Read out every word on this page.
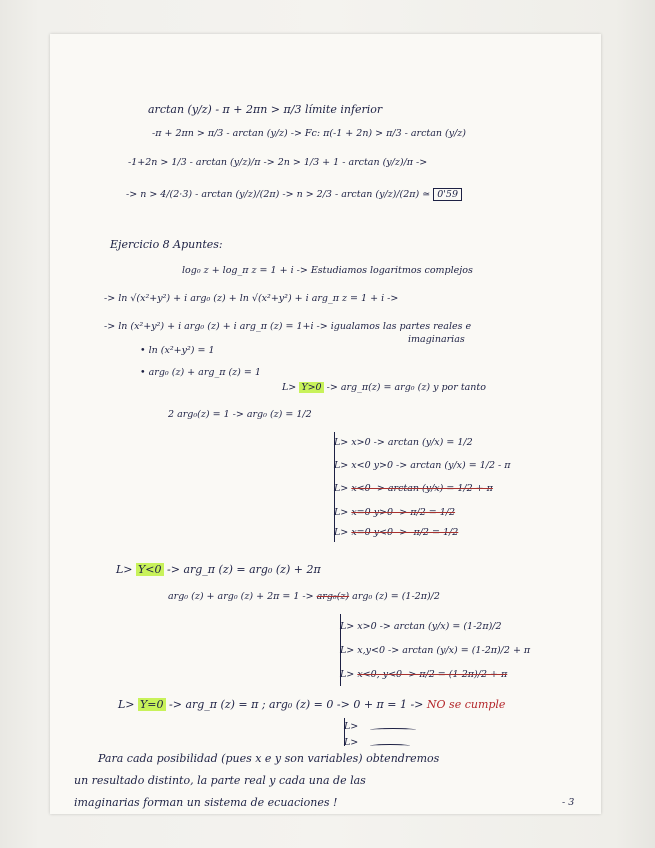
arctan (y/z) - π + 2πn > π/3 límite inferior
-π + 2πn > π/3 - arctan (y/z) -> Fc: π(-1 + 2n) > π/3 - arctan (y/z)
-1+2n > 1/3 - arctan (y/z)/π -> 2n > 1/3 + 1 - arctan (y/z)/π ->
-> n > 4/(2·3) - arctan (y/z)/(2π) -> n > 2/3 - arctan (y/z)/(2π) ≃ 0'59
Ejercicio 8 Apuntes:
log₀ z + log_π z = 1 + i -> Estudiamos logaritmos complejos
-> ln √(x²+y²) + i arg₀ (z) + ln √(x²+y²) + i arg_π z = 1 + i ->
-> ln (x²+y²) + i arg₀ (z) + i arg_π (z) = 1+i -> igualamos las partes reales e
imaginarias
• ln (x²+y²) = 1
• arg₀ (z) + arg_π (z) = 1
L> Y>0 -> arg_π(z) = arg₀ (z) y por tanto
2 arg₀(z) = 1 -> arg₀ (z) = 1/2
L> x>0 -> arctan (y/x) = 1/2
L> x<0 y>0 -> arctan (y/x) = 1/2 - π
L> x<0 -> arctan (y/x) = 1/2 + π
L> x=0 y>0 -> π/2 = 1/2
L> x=0 y<0 -> -π/2 = 1/2
L> Y<0 -> arg_π (z) = arg₀ (z) + 2π
arg₀ (z) + arg₀ (z) + 2π = 1 -> arg₀(z) arg₀ (z) = (1-2π)/2
L> x>0 -> arctan (y/x) = (1-2π)/2
L> x,y<0 -> arctan (y/x) = (1-2π)/2 + π
L> x<0, y<0 -> π/2 = (1-2π)/2 + π
L> Y=0 -> arg_π (z) = π ; arg₀ (z) = 0 -> 0 + π = 1 -> NO se cumple
L>
L>
Para cada posibilidad (pues x e y son variables) obtendremos
un resultado distinto, la parte real y cada una de las
imaginarias forman un sistema de ecuaciones !	- 3
